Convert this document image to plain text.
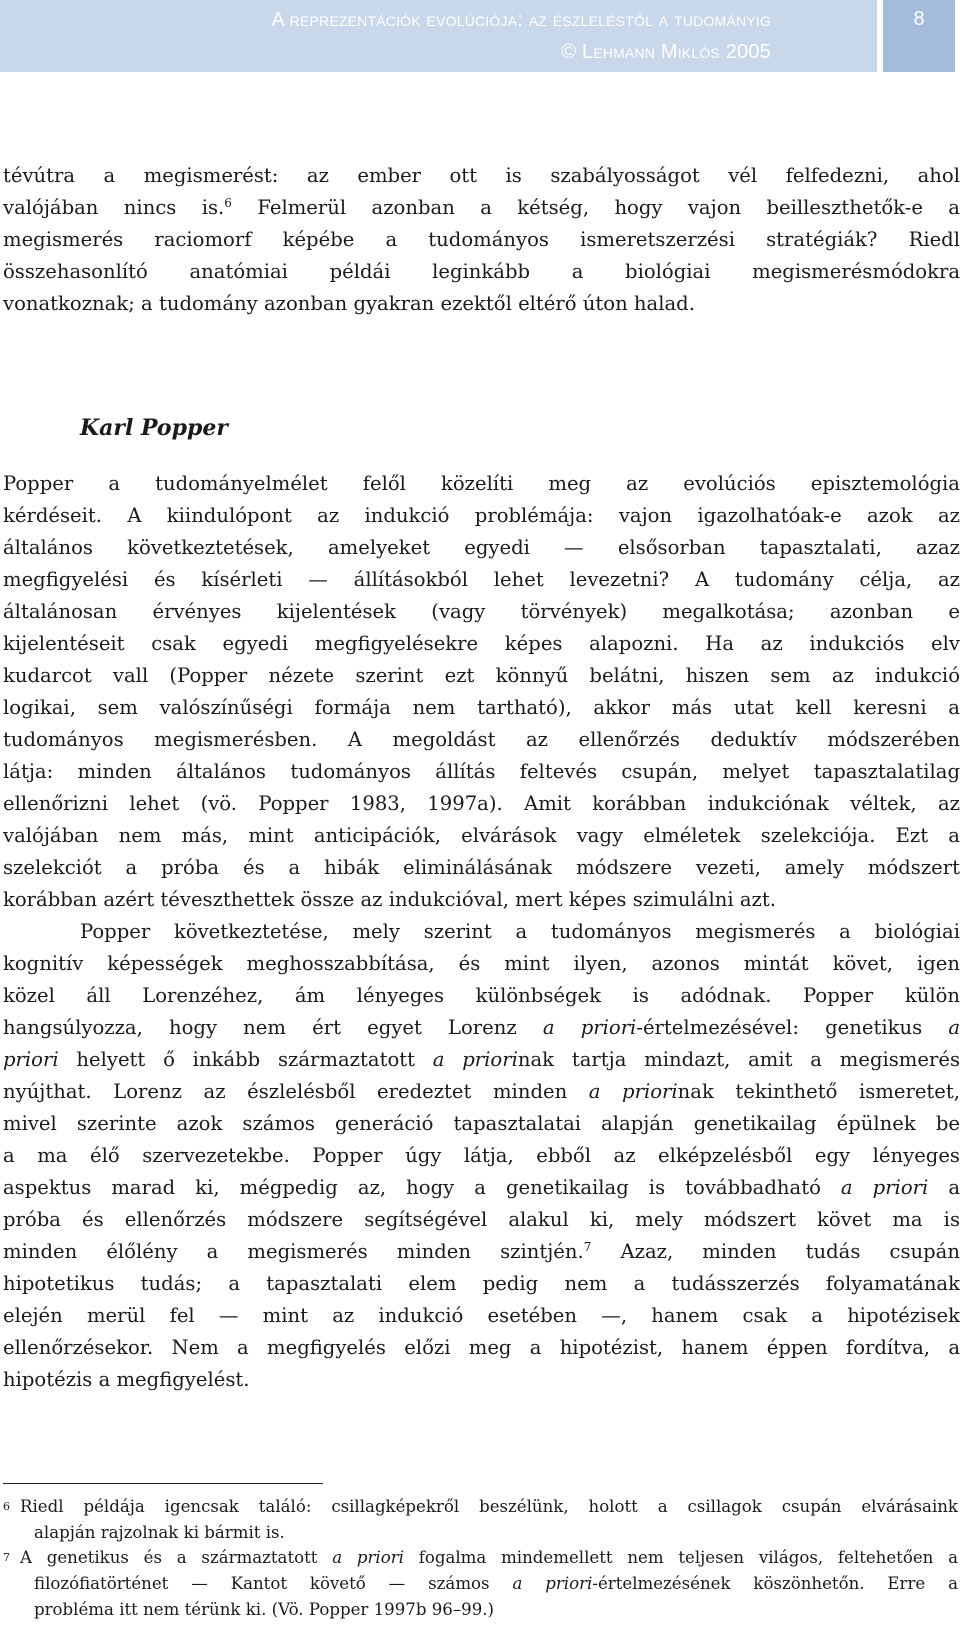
A reprezentációk evolúciója: az észleléstől a tudományig
© Lehmann Miklós 2005
8
tévútra a megismerést: az ember ott is szabályosságot vél felfedezni, ahol
valójában nincs is.$^6$ Felmerül azonban a kétség, hogy vajon beilleszthetők-e a
megismerés raciomorf képébe a tudományos ismeretszerzési stratégiák? Riedl
összehasonlító anatómiai példái leginkább a biológiai megismerésmódokra
vonatkoznak; a tudomány azonban gyakran ezektől eltérő úton halad.
Karl Popper
Popper a tudományelmélet felől közelíti meg az evolúciós episztemológia
kérdéseit. A kiindulópont az indukció problémája: vajon igazolhatóak-e azok az
általános következtetések, amelyeket egyedi — elsősorban tapasztalati, azaz
megfigyelési és kísérleti — állításokból lehet levezetni? A tudomány célja, az
általánosan érvényes kijelentések (vagy törvények) megalkotása; azonban e
kijelentéseit csak egyedi megfigyelésekre képes alapozni. Ha az indukciós elv
kudarcot vall (Popper nézete szerint ezt könnyű belátni, hiszen sem az indukció
logikai, sem valószínűségi formája nem tartható), akkor más utat kell keresni a
tudományos megismerésben. A megoldást az ellenőrzés deduktív módszerében
látja: minden általános tudományos állítás feltevés csupán, melyet tapasztalatilag
ellenőrizni lehet (vö. Popper 1983, 1997a). Amit korábban indukciónak véltek, az
valójában nem más, mint anticipációk, elvárások vagy elméletek szelekciója. Ezt a
szelekciót a próba és a hibák eliminálásának módszere vezeti, amely módszert
korábban azért téveszthettek össze az indukcióval, mert képes szimulálni azt.
Popper következtetése, mely szerint a tudományos megismerés a biológiai
kognitív képességek meghosszabbítása, és mint ilyen, azonos mintát követ, igen
közel áll Lorenzéhez, ám lényeges különbségek is adódnak. Popper külön
hangsúlyozza, hogy nem ért egyet Lorenz a priori-értelmezésével: genetikus a
priori helyett ő inkább származtatott a priorinak tartja mindazt, amit a megismerés
nyújthat. Lorenz az észlelésből eredeztet minden a priorinak tekinthető ismeretet,
mivel szerinte azok számos generáció tapasztalatai alapján genetikailag épülnek be
a ma élő szervezetekbe. Popper úgy látja, ebből az elképzelésből egy lényeges
aspektus marad ki, mégpedig az, hogy a genetikailag is továbbadható a priori a
próba és ellenőrzés módszere segítségével alakul ki, mely módszert követ ma is
minden élőlény a megismerés minden szintjén.$^7$ Azaz, minden tudás csupán
hipotetikus tudás; a tapasztalati elem pedig nem a tudásszerzés folyamatának
elején merül fel — mint az indukció esetében —, hanem csak a hipotézisek
ellenőrzésekor. Nem a megfigyelés előzi meg a hipotézist, hanem éppen fordítva, a
hipotézis a megfigyelést.
6 Riedl példája igencsak találó: csillagképekről beszélünk, holott a csillagok csupán elvárásaink
alapján rajzolnak ki bármit is.
7 A genetikus és a származtatott a priori fogalma mindemellett nem teljesen világos, feltehetően a
filozófiatörténet — Kantot követő — számos a priori-értelmezésének köszönhetőn. Erre a
probléma itt nem térünk ki. (Vö. Popper 1997b 96–99.)
